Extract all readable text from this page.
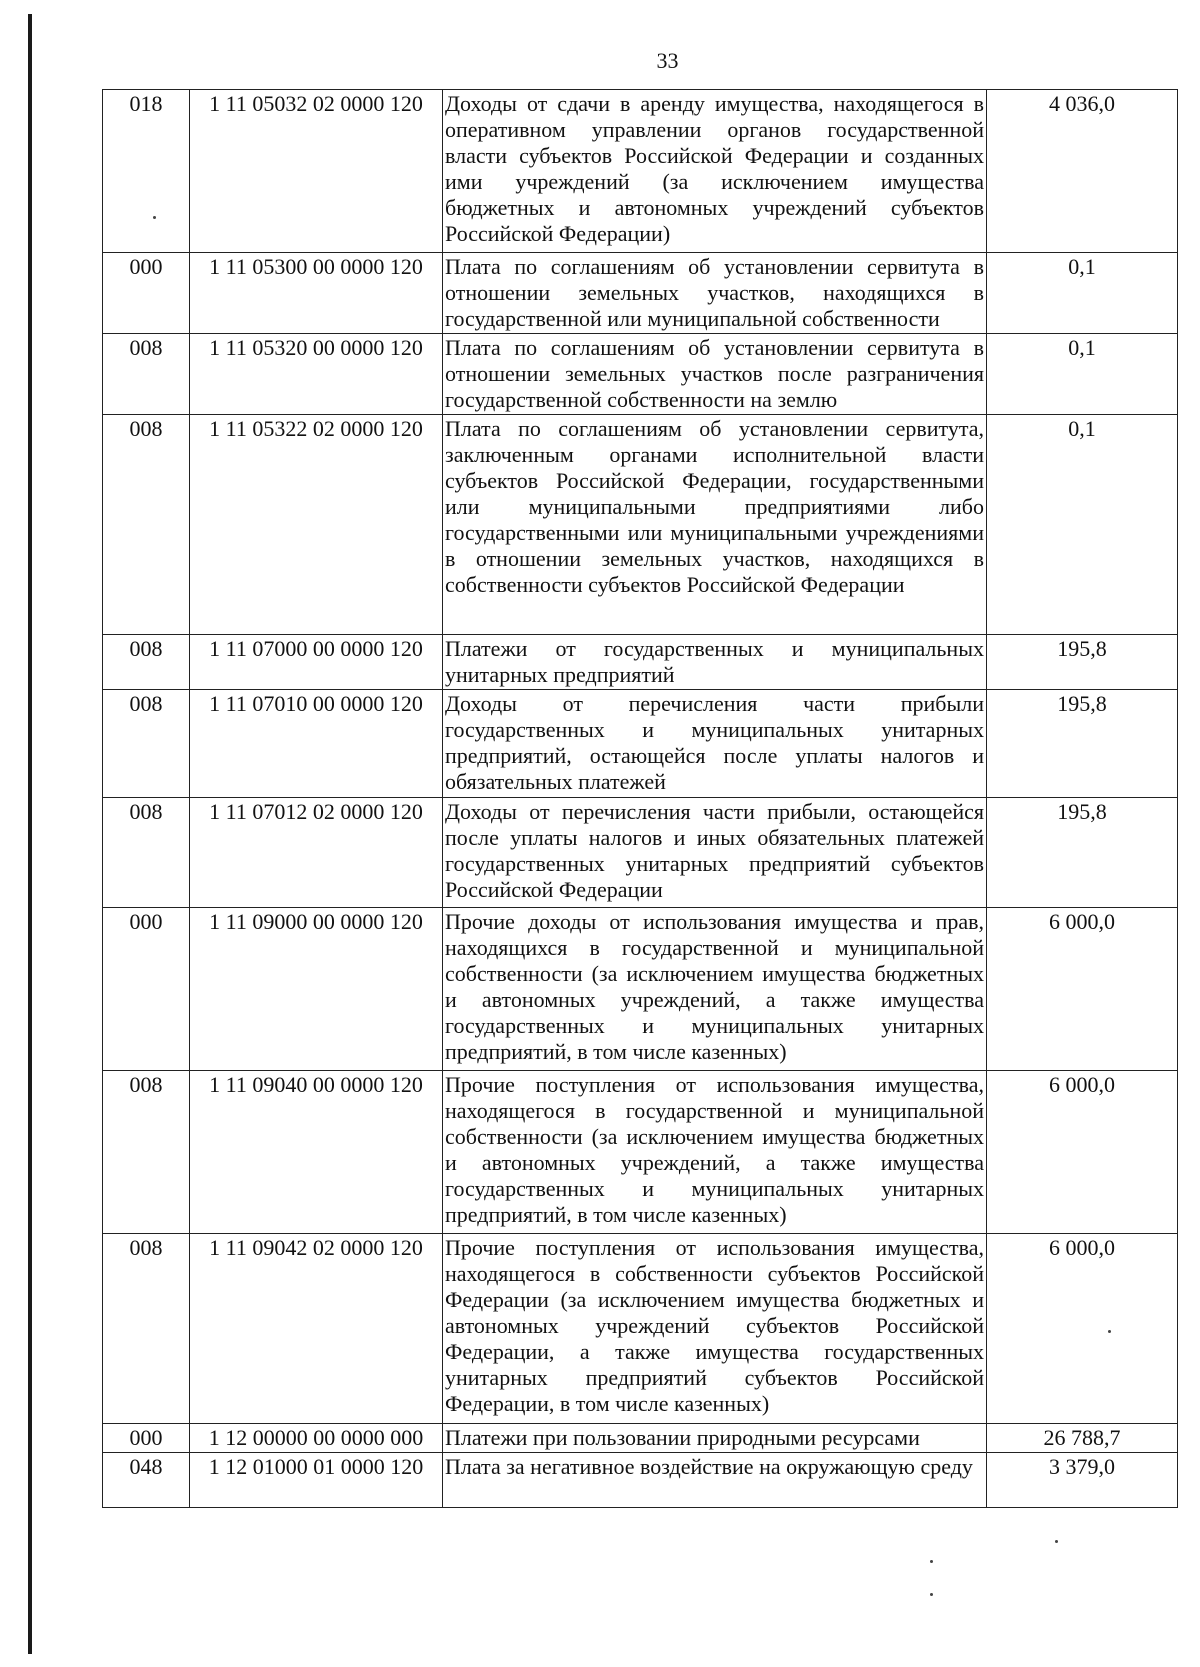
33
018	1 11 05032 02 0000 120	Доходы от сдачи в аренду имущества, находящегося в оперативном управлении органов государственной власти субъектов Российской Федерации и созданных ими учреждений (за исключением имущества бюджетных и автономных учреждений субъектов Российской Федерации)	4 036,0
000	1 11 05300 00 0000 120	Плата по соглашениям об установлении сервитута в отношении земельных участков, находящихся в государственной или муниципальной собственности	0,1
008	1 11 05320 00 0000 120	Плата по соглашениям об установлении сервитута в отношении земельных участков после разграничения государственной собственности на землю	0,1
008	1 11 05322 02 0000 120	Плата по соглашениям об установлении сервитута, заключенным органами исполнительной власти субъектов Российской Федерации, государственными или муниципальными предприятиями либо государственными или муниципальными учреждениями в отношении земельных участков, находящихся в собственности субъектов Российской Федерации	0,1
008	1 11 07000 00 0000 120	Платежи от государственных и муниципальных унитарных предприятий	195,8
008	1 11 07010 00 0000 120	Доходы от перечисления части прибыли государственных и муниципальных унитарных предприятий, остающейся после уплаты налогов и обязательных платежей	195,8
008	1 11 07012 02 0000 120	Доходы от перечисления части прибыли, остающейся после уплаты налогов и иных обязательных платежей государственных унитарных предприятий субъектов Российской Федерации	195,8
000	1 11 09000 00 0000 120	Прочие доходы от использования имущества и прав, находящихся в государственной и муниципальной собственности (за исключением имущества бюджетных и автономных учреждений, а также имущества государственных и муниципальных унитарных предприятий, в том числе казенных)	6 000,0
008	1 11 09040 00 0000 120	Прочие поступления от использования имущества, находящегося в государственной и муниципальной собственности (за исключением имущества бюджетных и автономных учреждений, а также имущества государственных и муниципальных унитарных предприятий, в том числе казенных)	6 000,0
008	1 11 09042 02 0000 120	Прочие поступления от использования имущества, находящегося в собственности субъектов Российской Федерации (за исключением имущества бюджетных и автономных учреждений субъектов Российской Федерации, а также имущества государственных унитарных предприятий субъектов Российской Федерации, в том числе казенных)	6 000,0
000	1 12 00000 00 0000 000	Платежи при пользовании природными ресурсами	26 788,7
048	1 12 01000 01 0000 120	Плата за негативное воздействие на окружающую среду	3 379,0
